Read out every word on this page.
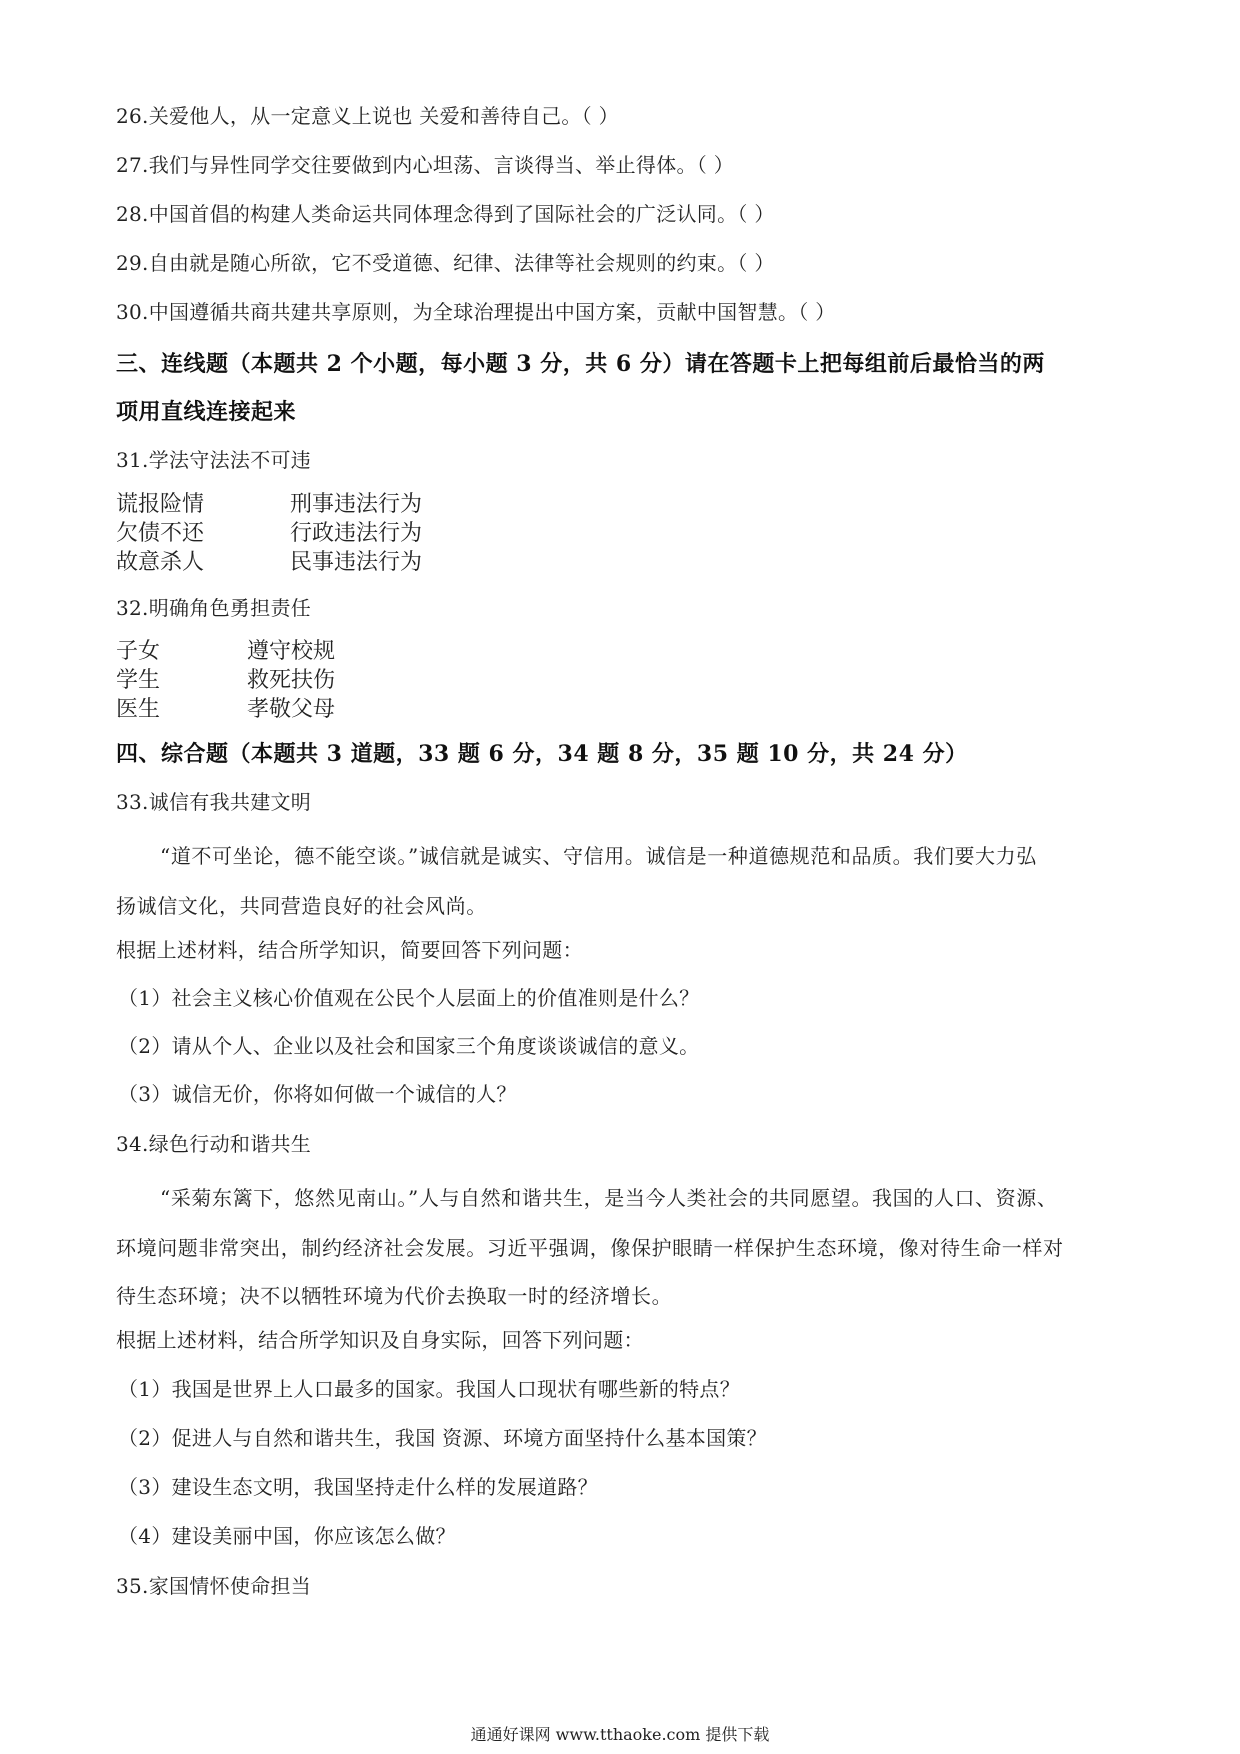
26.关爱他人，从一定意义上说也 关爱和善待自己。（ ）
27.我们与异性同学交往要做到内心坦荡、言谈得当、举止得体。（ ）
28.中国首倡的构建人类命运共同体理念得到了国际社会的广泛认同。（ ）
29.自由就是随心所欲，它不受道德、纪律、法律等社会规则的约束。（ ）
30.中国遵循共商共建共享原则，为全球治理提出中国方案，贡献中国智慧。（ ）
三、连线题（本题共 2 个小题，每小题 3 分，共 6 分）请在答题卡上把每组前后最恰当的两
项用直线连接起来
31.学法守法法不可违
谎报险情
欠债不还
故意杀人
刑事违法行为
行政违法行为
民事违法行为
32.明确角色勇担责任
子女
学生
医生
遵守校规
救死扶伤
孝敬父母
四、综合题（本题共 3 道题，33 题 6 分，34 题 8 分，35 题 10 分，共 24 分）
33.诚信有我共建文明
“道不可坐论，德不能空谈。”诚信就是诚实、守信用。诚信是一种道德规范和品质。我们要大力弘
扬诚信文化，共同营造良好的社会风尚。
根据上述材料，结合所学知识，简要回答下列问题：
（1）社会主义核心价值观在公民个人层面上的价值准则是什么？
（2）请从个人、企业以及社会和国家三个角度谈谈诚信的意义。
（3）诚信无价，你将如何做一个诚信的人？
34.绿色行动和谐共生
“采菊东篱下，悠然见南山。”人与自然和谐共生，是当今人类社会的共同愿望。我国的人口、资源、
环境问题非常突出，制约经济社会发展。习近平强调，像保护眼睛一样保护生态环境，像对待生命一样对
待生态环境；决不以牺牲环境为代价去换取一时的经济增长。
根据上述材料，结合所学知识及自身实际，回答下列问题：
（1）我国是世界上人口最多的国家。我国人口现状有哪些新的特点？
（2）促进人与自然和谐共生，我国 资源、环境方面坚持什么基本国策？
（3）建设生态文明，我国坚持走什么样的发展道路？
（4）建设美丽中国，你应该怎么做？
35.家国情怀使命担当
通通好课网 www.tthaoke.com 提供下载
